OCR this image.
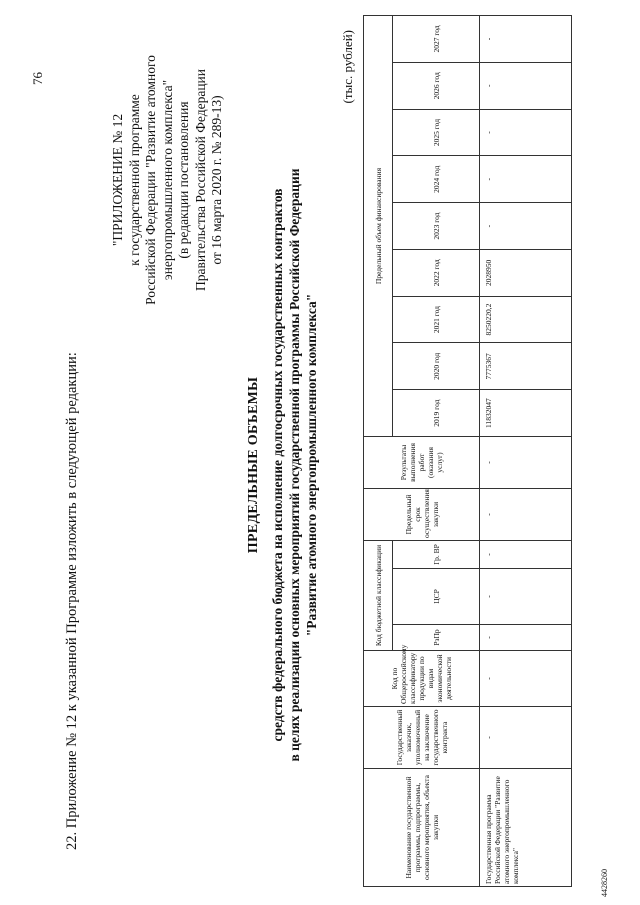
76
22. Приложение № 12 к указанной Программе изложить в следующей редакции:
"ПРИЛОЖЕНИЕ № 12 к государственной программе Российской Федерации "Развитие атомного энергопромышленного комплекса" (в редакции постановления Правительства Российской Федерации от 16 марта 2020 г. № 289-13)
ПРЕДЕЛЬНЫЕ ОБЪЕМЫ средств федерального бюджета на исполнение долгосрочных государственных контрактов в целях реализации основных мероприятий государственной программы Российской Федерации "Развитие атомного энергопромышленного комплекса"
(тыс. рублей)
Наименование государственной программы, подпрограммы, основного мероприятия, объекта закупки	Государственный заказчик, уполномоченный на заключение государственного контракта	Код по Общероссийскому классификатору продукции по видам экономической деятельности	Код бюджетной классификации			Предельный срок осуществления закупки	Результаты выполнения работ (оказания услуг)	Предельный объем финансирования								
			РзПр	ЦСР	Гр. ВР			2019 год	2020 год	2021 год	2022 год	2023 год	2024 год	2025 год	2026 год	2027 год
Государственная программа Российской Федерации "Развитие атомного энергопромышленного комплекса"	-	-	-	-	-	-	-	11832047	7775367	8250220,2	2028950	-	-	-	-	-
4428260
